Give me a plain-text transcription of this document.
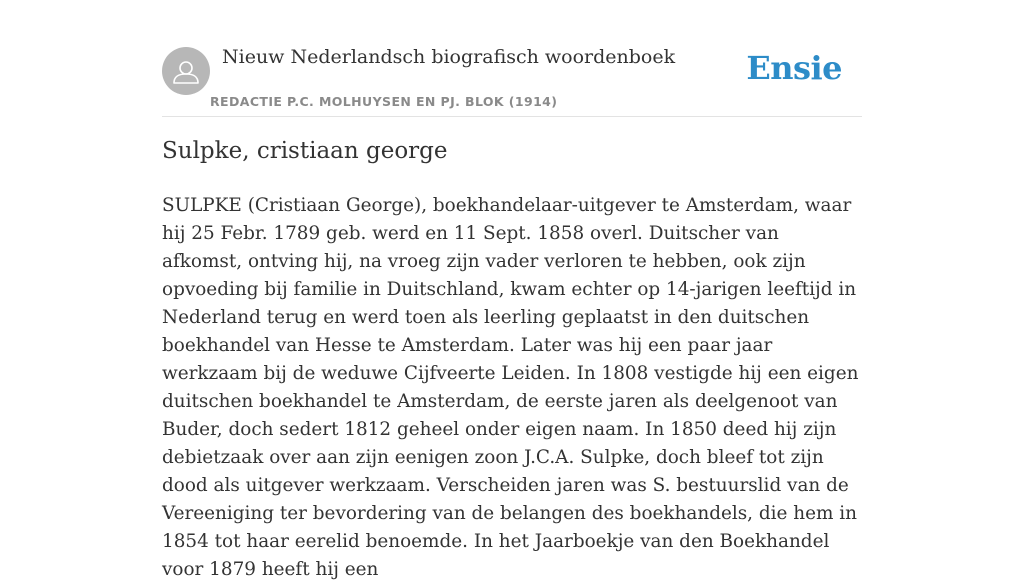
Nieuw Nederlandsch biografisch woordenboek
REDACTIE P.C. MOLHUYSEN EN PJ. BLOK (1914)
Ensie
Sulpke, cristiaan george

SULPKE (Cristiaan George), boekhandelaar-uitgever te Amsterdam, waar hij 25 Febr. 1789 geb. werd en 11 Sept. 1858 overl. Duitscher van afkomst, ontving hij, na vroeg zijn vader verloren te hebben, ook zijn opvoeding bij familie in Duitschland, kwam echter op 14-jarigen leeftijd in Nederland terug en werd toen als leerling geplaatst in den duitschen boekhandel van Hesse te Amsterdam. Later was hij een paar jaar werkzaam bij de weduwe Cijfveerte Leiden. In 1808 vestigde hij een eigen duitschen boekhandel te Amsterdam, de eerste jaren als deelgenoot van Buder, doch sedert 1812 geheel onder eigen naam. In 1850 deed hij zijn debietzaak over aan zijn eenigen zoon J.C.A. Sulpke, doch bleef tot zijn dood als uitgever werkzaam. Verscheiden jaren was S. bestuurslid van de Vereeniging ter bevordering van de belangen des boekhandels, die hem in 1854 tot haar eerelid benoemde. In het Jaarboekje van den Boekhandel voor 1879 heeft hij een
